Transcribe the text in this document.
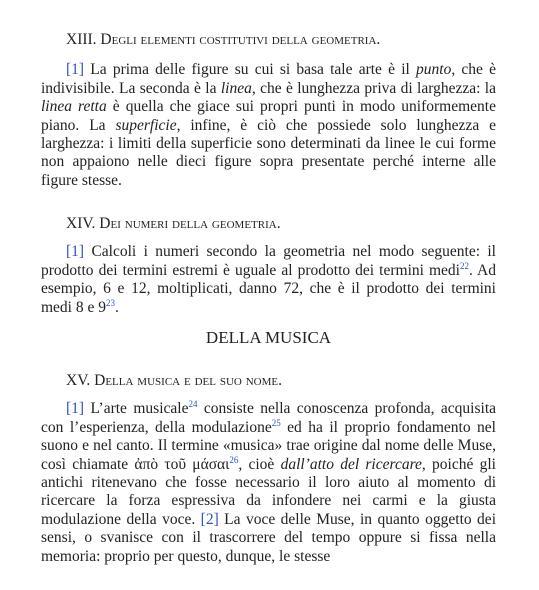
XIII. Degli elementi costitutivi della geometria.

[1] La prima delle figure su cui si basa tale arte è il punto, che è indivisibile. La seconda è la linea, che è lunghezza priva di larghezza: la linea retta è quella che giace sui propri punti in modo uniformemente piano. La superficie, infine, è ciò che possiede solo lunghezza e larghezza: i limiti della superficie sono determinati da linee le cui forme non appaiono nelle dieci figure sopra presentate perché interne alle figure stesse.

XIV. Dei numeri della geometria.

[1] Calcoli i numeri secondo la geometria nel modo seguente: il prodotto dei termini estremi è uguale al prodotto dei termini medi$^{22}$. Ad esempio, 6 e 12, moltiplicati, danno 72, che è il prodotto dei termini medi 8 e $9^{23}$.

DELLA MUSICA
XV. Della musica e del suo nome.

[1] L’arte musicale$^{24}$ consiste nella conoscenza profonda, acquisita con l’esperienza, della modulazione$^{25}$ ed ha il proprio fondamento nel suono e nel canto. Il termine «musica» trae origine dal nome delle Muse, così chiamate ἀπὸ τοῦ μάσαι$^{26}$, cioè dall’atto del ricercare, poiché gli antichi ritenevano che fosse necessario il loro aiuto al momento di ricercare la forza espressiva da infondere nei carmi e la giusta modulazione della voce. [2] La voce delle Muse, in quanto oggetto dei sensi, o svanisce con il trascorrere del tempo oppure si fissa nella memoria: proprio per questo, dunque, le stesse
